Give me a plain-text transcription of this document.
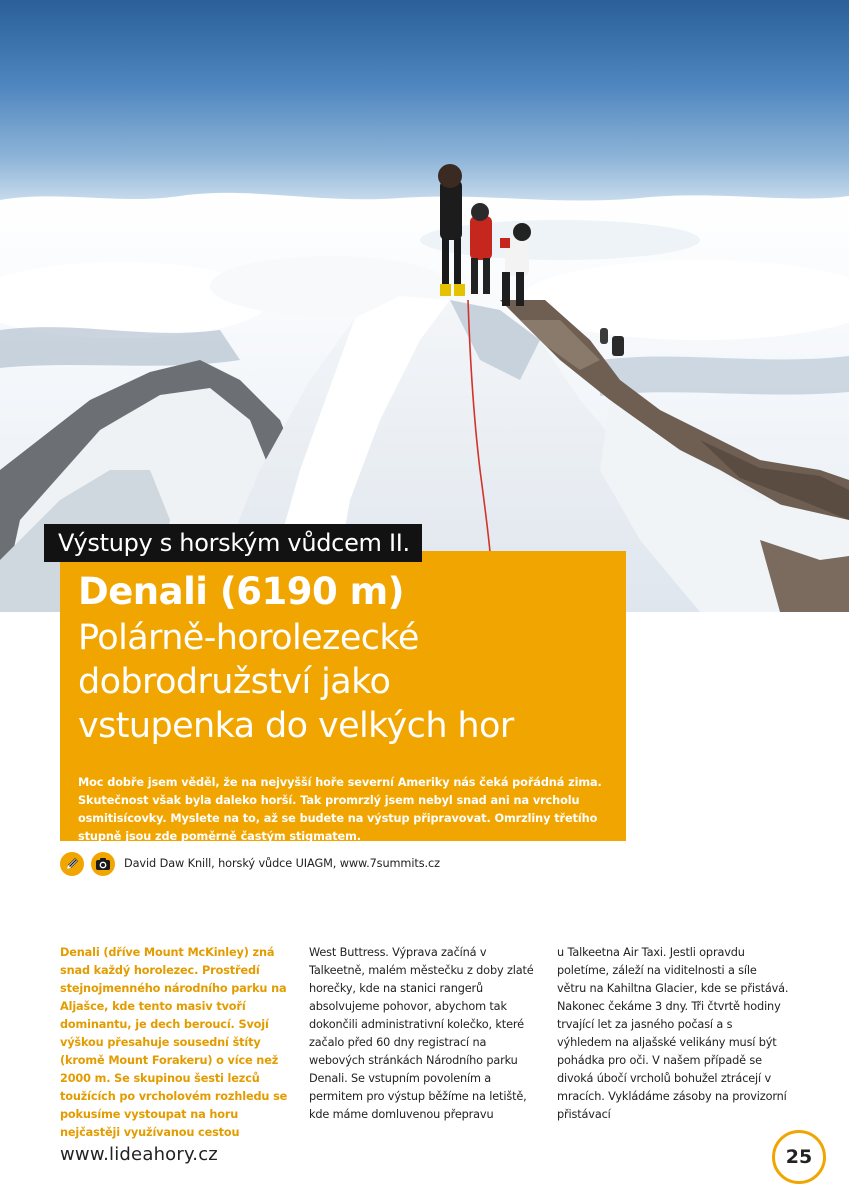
Výstupy s horským vůdcem II.
Denali (6190 m)
Polárně-horolezecké
dobrodružství jako
vstupenka do velkých hor

Moc dobře jsem věděl, že na nejvyšší hoře severní Ameriky nás čeká pořádná zima. Skutečnost však byla daleko horší. Tak promrzlý jsem nebyl snad ani na vrcholu osmitisícovky. Myslete na to, až se budete na výstup připravovat. Omrzliny třetího stupně jsou zde poměrně častým stigmatem.

David Daw Knill, horský vůdce UIAGM, www.7summits.cz

Denali (dříve Mount McKinley) zná snad každý horolezec. Prostředí stejnojmenného národního parku na Aljašce, kde tento masiv tvoří dominantu, je dech beroucí. Svojí výškou přesahuje sousední štíty (kromě Mount Forakeru) o více než 2000 m. Se skupinou šesti lezců toužících po vrcholovém rozhledu se pokusíme vystoupat na horu nejčastěji využívanou cestou

West Buttress. Výprava začíná v Talkeetně, malém městečku z doby zlaté horečky, kde na stanici rangerů absolvujeme pohovor, abychom tak dokončili administrativní kolečko, které začalo před 60 dny registrací na webových stránkách Národního parku Denali. Se vstupním povolením a permitem pro výstup běžíme na letiště, kde máme domluvenou přepravu

u Talkeetna Air Taxi. Jestli opravdu poletíme, záleží na viditelnosti a síle větru na Kahiltna Glacier, kde se přistává. Nakonec čekáme 3 dny. Tři čtvrtě hodiny trvající let za jasného počasí a s výhledem na aljašské velikány musí být pohádka pro oči. V našem případě se divoká úbočí vrcholů bohužel ztrácejí v mracích. Vykládáme zásoby na provizorní přistávací

www.lideahory.cz	25
